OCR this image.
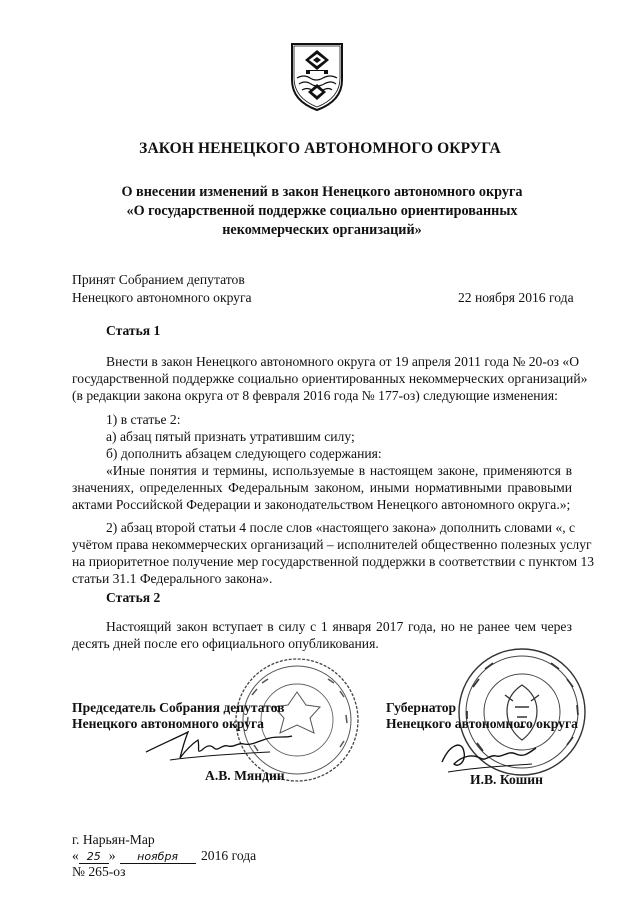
ЗАКОН НЕНЕЦКОГО АВТОНОМНОГО ОКРУГА
О внесении изменений в закон Ненецкого автономного округа
«О государственной поддержке социально ориентированных
некоммерческих организаций»
Принят Собранием депутатов
Ненецкого автономного округа	22 ноября 2016 года
Статья 1
Внести в закон Ненецкого автономного округа от 19 апреля 2011 года № 20-оз «О
государственной поддержке социально ориентированных некоммерческих организаций»
(в редакции закона округа от 8 февраля 2016 года № 177-оз) следующие изменения:
1) в статье 2:
а) абзац пятый признать утратившим силу;
б) дополнить абзацем следующего содержания:
«Иные понятия и термины, используемые в настоящем законе, применяются в
значениях, определенных Федеральным законом, иными нормативными правовыми
актами Российской Федерации и законодательством Ненецкого автономного округа.»;
2) абзац второй статьи 4 после слов «настоящего закона» дополнить словами «, с
учётом права некоммерческих организаций – исполнителей общественно полезных услуг
на приоритетное получение мер государственной поддержки в соответствии с пунктом 13
статьи 31.1 Федерального закона».
Статья 2
Настоящий закон вступает в силу с 1 января 2017 года, но не ранее чем через
десять дней после его официального опубликования.
Председатель Собрания депутатов
Ненецкого автономного округа
А.В. Мяндин
Губернатор
Ненецкого автономного округа
И.В. Кошин
г. Нарьян-Мар
« 25 » ноября 2016 года
№ 265-оз
